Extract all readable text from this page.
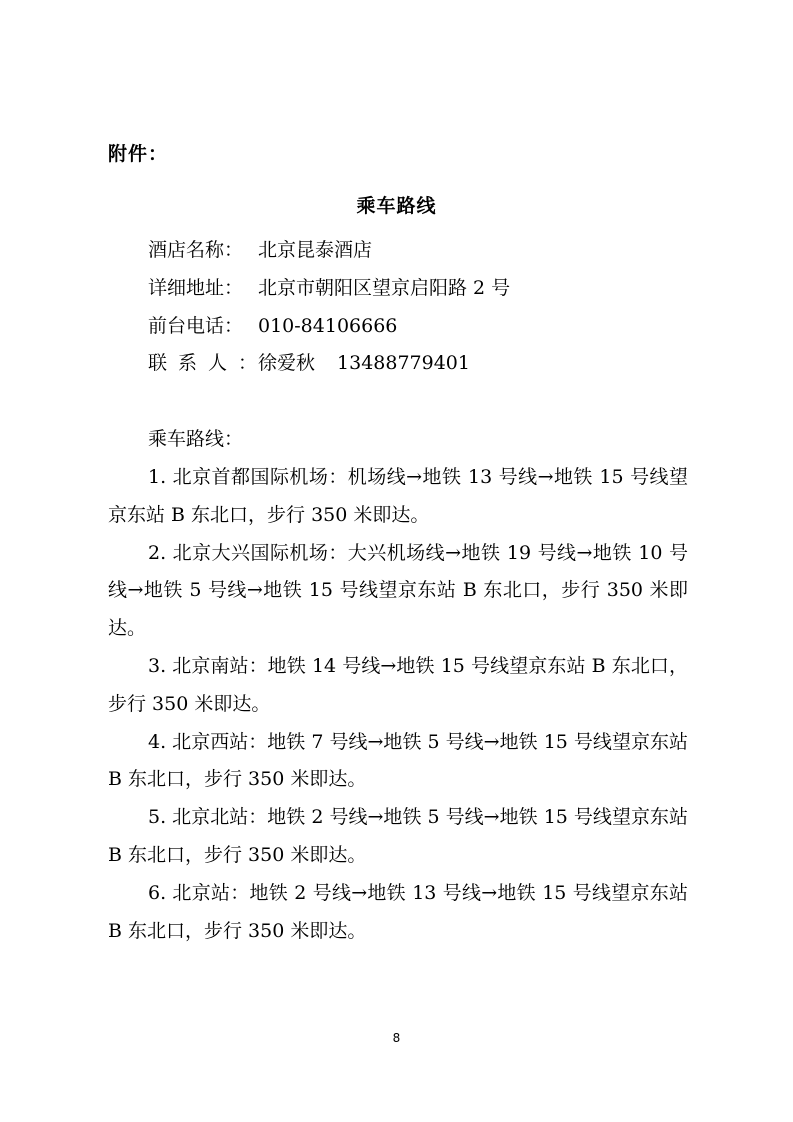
附件：
乘车路线
酒店名称： 北京昆泰酒店
详细地址： 北京市朝阳区望京启阳路 2 号
前台电话： 010-84106666
联系人：徐爱秋 13488779401
乘车路线：

1. 北京首都国际机场：机场线→地铁 13 号线→地铁 15 号线望京东站 B 东北口，步行 350 米即达。

2. 北京大兴国际机场：大兴机场线→地铁 19 号线→地铁 10 号线→地铁 5 号线→地铁 15 号线望京东站 B 东北口，步行 350 米即达。

3. 北京南站：地铁 14 号线→地铁 15 号线望京东站 B 东北口，步行 350 米即达。

4. 北京西站：地铁 7 号线→地铁 5 号线→地铁 15 号线望京东站 B 东北口，步行 350 米即达。

5. 北京北站：地铁 2 号线→地铁 5 号线→地铁 15 号线望京东站 B 东北口，步行 350 米即达。

6. 北京站：地铁 2 号线→地铁 13 号线→地铁 15 号线望京东站 B 东北口，步行 350 米即达。

8
